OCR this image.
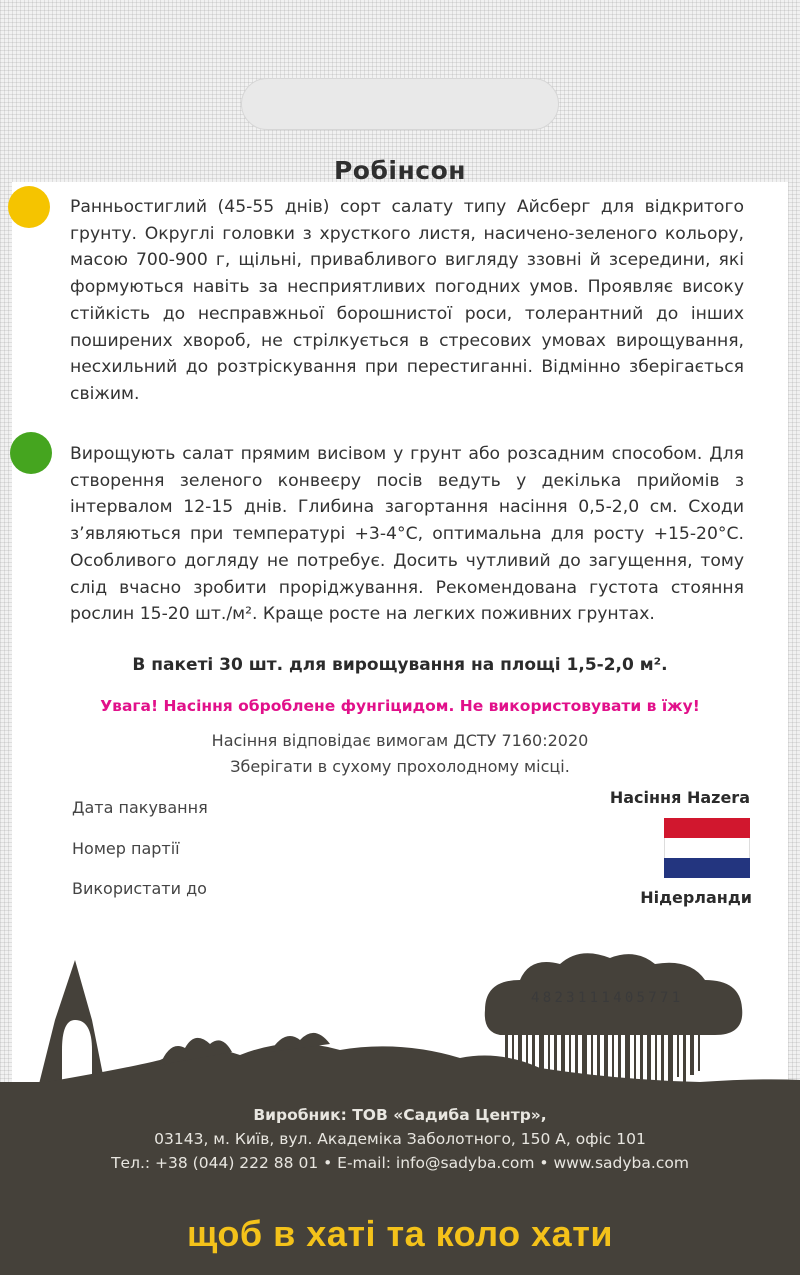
Робінсон

Ранньостиглий (45-55 днів) сорт салату типу Айсберг для відкритого грунту. Округлі головки з хрусткого листя, насичено-зеленого кольору, масою 700-900 г, щільні, привабливого вигляду ззовні й зсередини, які формуються навіть за несприятливих погодних умов. Проявляє високу стійкість до несправжньої борошнистої роси, толерантний до інших поширених хвороб, не стрілкується в стресових умовах вирощування, несхильний до розтріскування при перестиганні. Відмінно зберігається свіжим.

Вирощують салат прямим висівом у грунт або розсадним способом. Для створення зеленого конвеєру посів ведуть у декілька прийомів з інтервалом 12-15 днів. Глибина загортання насіння 0,5-2,0 см. Сходи з’являються при температурі +3-4°С, оптимальна для росту +15-20°С. Особливого догляду не потребує. Досить чутливий до загущення, тому слід вчасно зробити проріджування. Рекомендована густота стояння рослин 15-20 шт./м². Краще росте на легких поживних грунтах.

В пакеті 30 шт. для вирощування на площі 1,5-2,0 м².
Увага! Насіння оброблене фунгіцидом. Не використовувати в їжу!
Насіння відповідає вимогам ДСТУ 7160:2020
Зберігати в сухому прохолодному місці.
Дата пакування
Номер партії
Використати до
Насіння Hazera
Нідерланди
4823111405771
Виробник: ТОВ «Садиба Центр»,
03143, м. Київ, вул. Академіка Заболотного, 150 А, офіс 101
Тел.: +38 (044) 222 88 01 • E-mail: info@sadyba.com • www.sadyba.com
щоб в хаті та коло хати
